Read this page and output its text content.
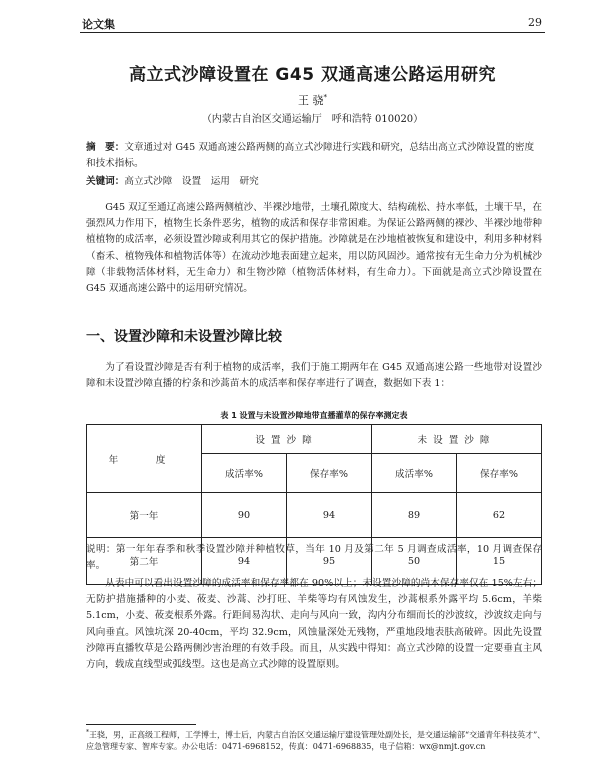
论文集	29
高立式沙障设置在 G45 双通高速公路运用研究
王 骁*
（内蒙古自治区交通运输厅　呼和浩特 010020）
摘　要：文章通过对 G45 双通高速公路两侧的高立式沙障进行实践和研究，总结出高立式沙障设置的密度和技术指标。
关键词：高立式沙障　设置　运用　研究
G45 双辽至通辽高速公路两侧植沙、半裸沙地带，土壤孔隙度大、结构疏松、持水率低，土壤干旱，在强烈风力作用下，植物生长条件恶劣，植物的成活和保存非常困难。为保证公路两侧的裸沙、半裸沙地带种植植物的成活率，必须设置沙障或利用其它的保护措施。沙障就是在沙地植被恢复和建设中，利用多种材料（畜禾、植物残体和植物活体等）在流动沙地表面建立起来，用以防风固沙。通常按有无生命力分为机械沙障（非载物活体材料，无生命力）和生物沙障（植物活体材料，有生命力）。下面就是高立式沙障设置在 G45 双通高速公路中的运用研究情况。
一、设置沙障和未设置沙障比较
为了看设置沙障是否有利于植物的成活率，我们于施工期两年在 G45 双通高速公路一些地带对设置沙障和未设置沙障直播的柠条和沙蒿苗木的成活率和保存率进行了调查，数据如下表 1：
表 1 设置与未设置沙障地带直播灌草的保存率测定表
年　度	设置沙障		未设置沙障	
	成活率%	保存率%	成活率%	保存率%
第一年	90	94	89	62
第二年	94	95	50	15
说明：第一年年春季和秋季设置沙障并种植牧草，当年 10 月及第二年 5 月调查成活率，10 月调查保存率。
从表中可以看出设置沙障的成活率和保存率都在 90%以上；未设置沙障的尚木保存率仅在 15%左右；无防护措施播种的小麦、莜麦、沙蒿、沙打旺、羊柴等均有风蚀发生，沙蒿根系外露平均 5.6cm，羊柴 5.1cm，小麦、莜麦根系外露。行距间易沟状、走向与风向一致，沟内分布细而长的沙波纹，沙波纹走向与风向垂直。风蚀坑深 20-40cm，平均 32.9cm，风蚀量深处无残物，严重地段地表肤高破碎。因此先设置沙障再直播牧草是公路两侧沙害治理的有效手段。而且，从实践中得知：高立式沙障的设置一定要垂直主风方向，载成直线型或弧线型。这也是高立式沙障的设置原则。
*王骁，男，正高级工程师，工学博士，博士后，内蒙古自治区交通运输厅建设管理处副处长，是交通运输部“交通青年科技英才”、应急管理专家、智库专家。办公电话：0471-6968152，传真：0471-6968835，电子信箱：wx@nmjt.gov.cn
